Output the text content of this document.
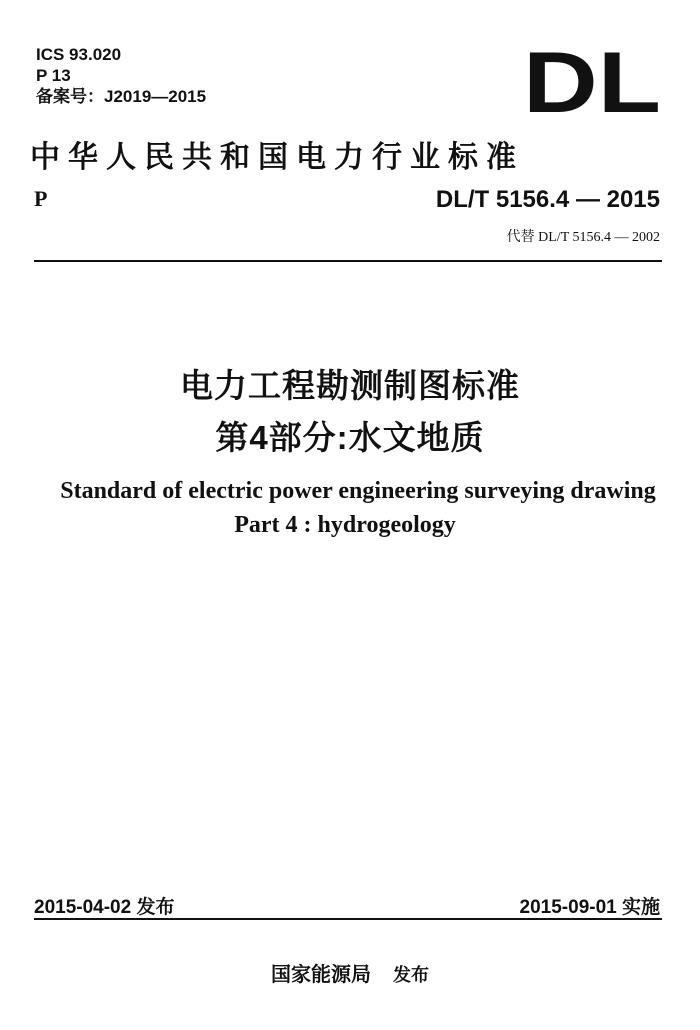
ICS 93.020
P 13
备案号：J2019—2015	DL
中华人民共和国电力行业标准
P	DL/T 5156.4 — 2015
代替 DL/T 5156.4 — 2002
电力工程勘测制图标准
第4部分:水文地质
Standard of electric power engineering surveying drawing
Part 4 : hydrogeology
2015-04-02 发布	2015-09-01 实施
国家能源局 发布
